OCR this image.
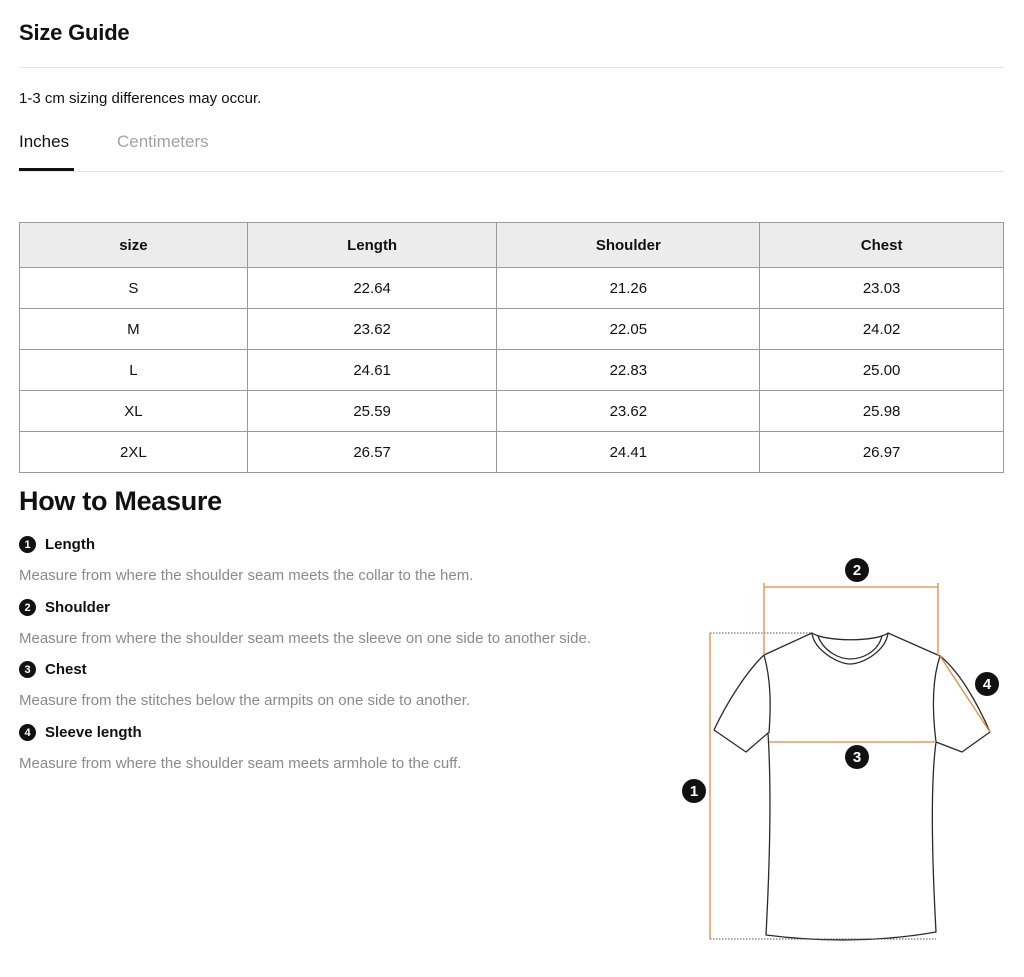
Size Guide
1-3 cm sizing differences may occur.
Inches	Centimeters
size	Length	Shoulder	Chest
S	22.64	21.26	23.03
M	23.62	22.05	24.02
L	24.61	22.83	25.00
XL	25.59	23.62	25.98
2XL	26.57	24.41	26.97
How to Measure
1 Length
Measure from where the shoulder seam meets the collar to the hem.
2 Shoulder
Measure from where the shoulder seam meets the sleeve on one side to another side.
3 Chest
Measure from the stitches below the armpits on one side to another.
4 Sleeve length
Measure from where the shoulder seam meets armhole to the cuff.
1
2
3
4
